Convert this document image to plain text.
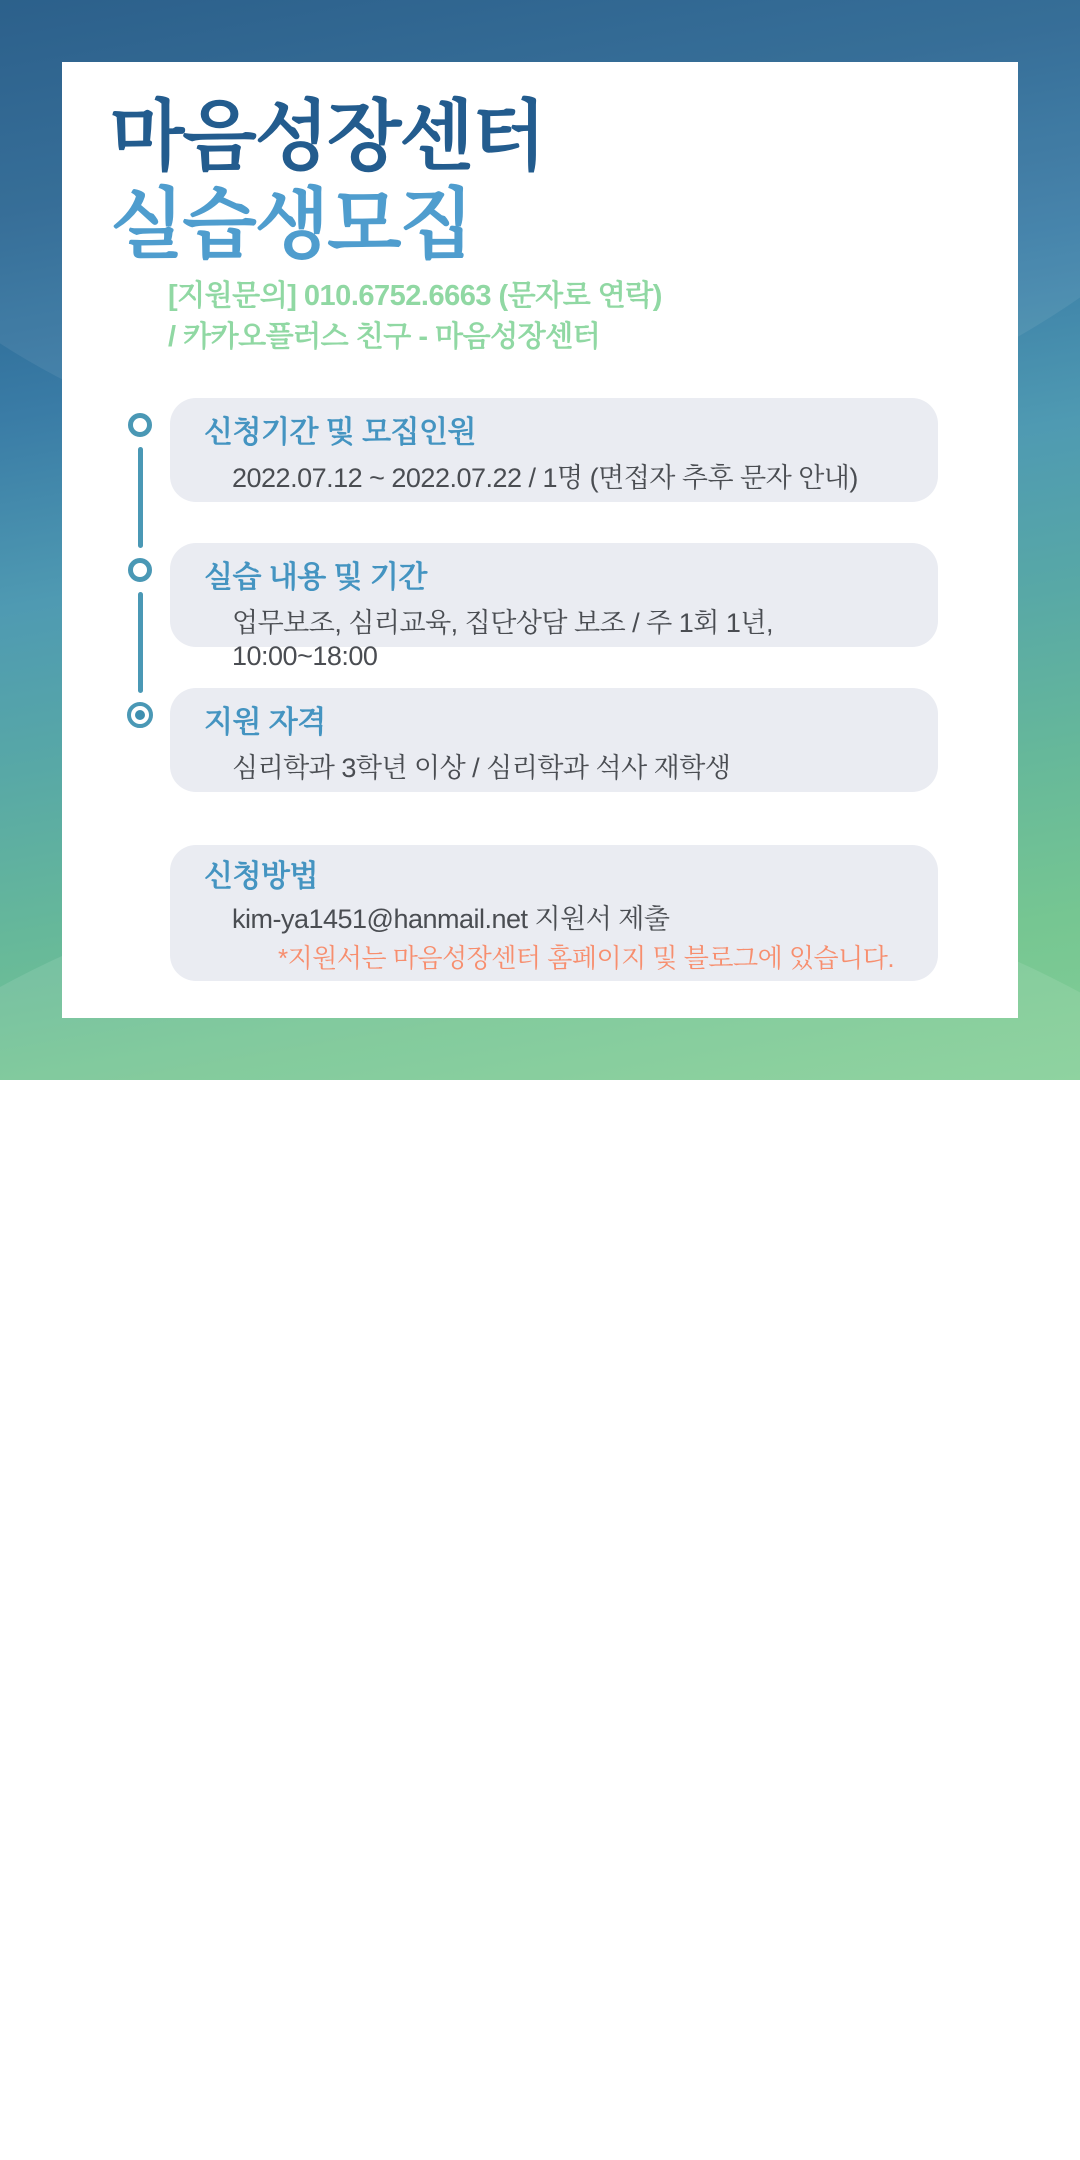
마음성장센터
실습생모집
[지원문의] 010.6752.6663 (문자로 연락)
/ 카카오플러스 친구 - 마음성장센터
신청기간 및 모집인원
2022.07.12 ~ 2022.07.22 / 1명 (면접자 추후 문자 안내)
실습 내용 및 기간
업무보조, 심리교육, 집단상담 보조 / 주 1회 1년, 10:00~18:00
지원 자격
심리학과 3학년 이상 / 심리학과 석사 재학생
신청방법
kim-ya1451@hanmail.net 지원서 제출
*지원서는 마음성장센터 홈페이지 및 블로그에 있습니다.
